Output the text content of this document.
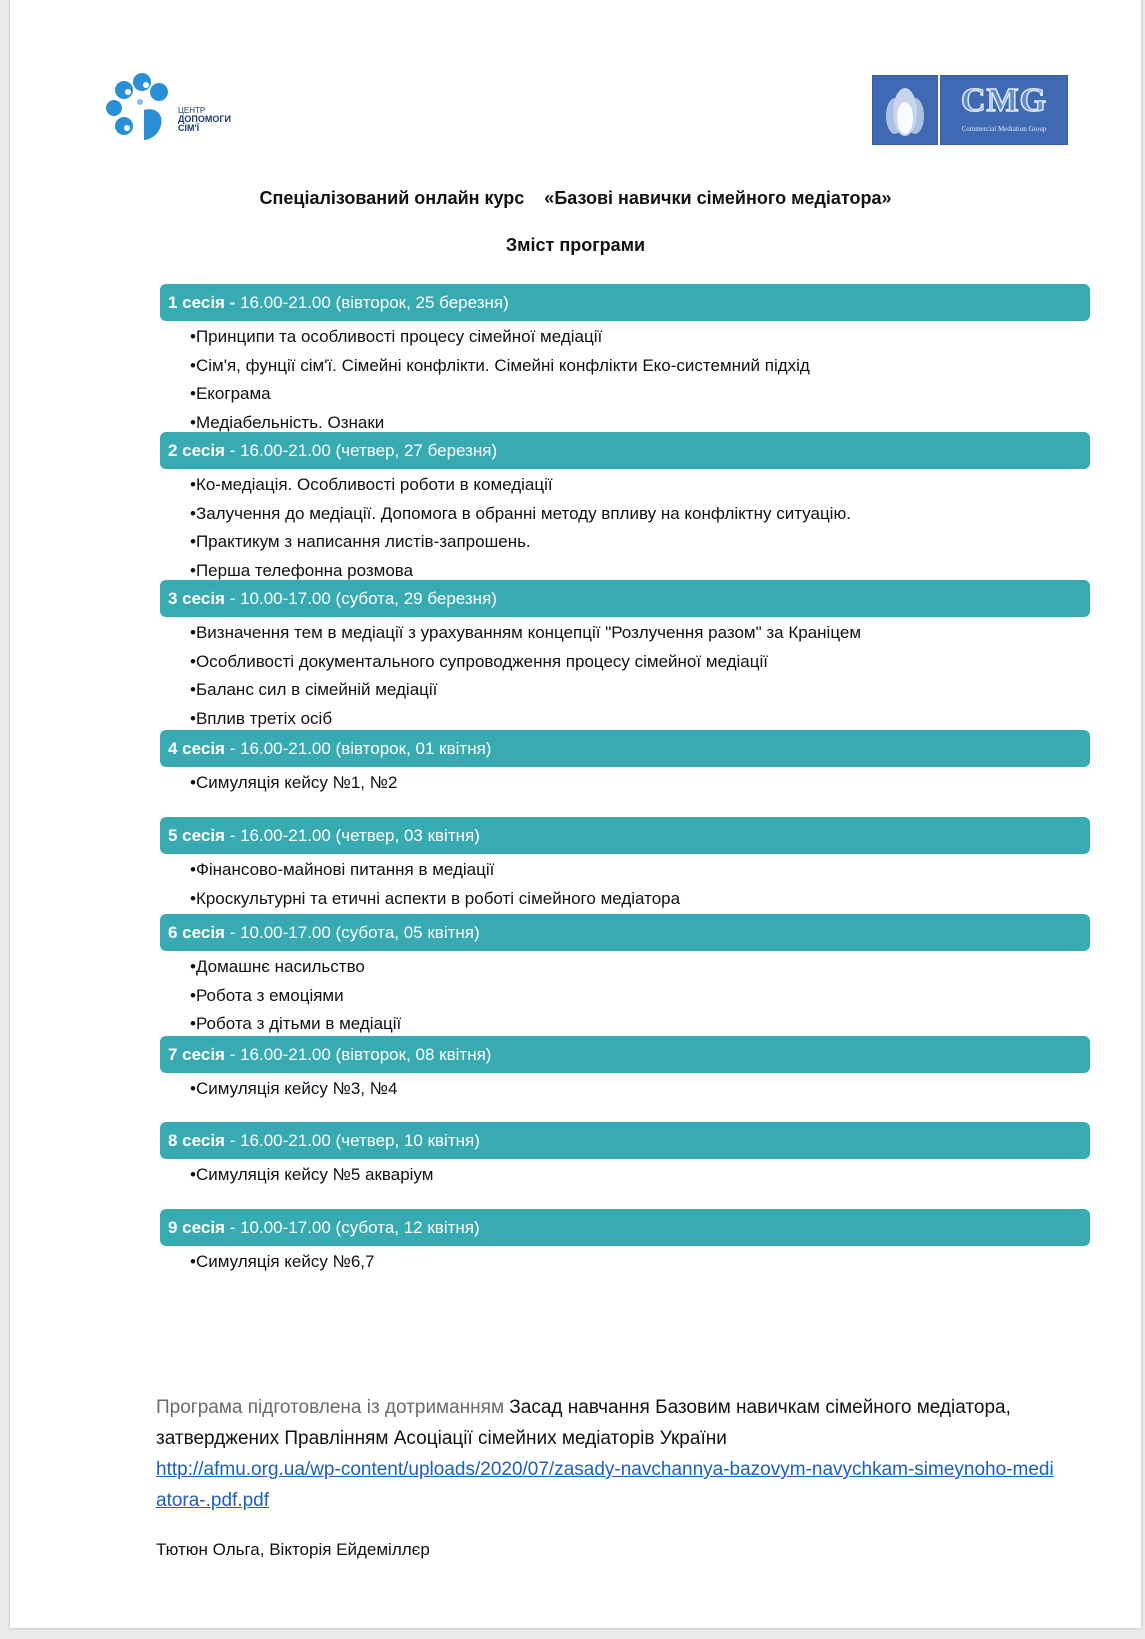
ЦЕНТР
ДОПОМОГИ
СІМ'Ї
CMG
Commercial Mediation Group
Спеціалізований онлайн курс    «Базові навички сімейного медіатора»
Зміст програми
1 сесія - 16.00-21.00 (вівторок, 25 березня)
•Принципи та особливості процесу сімейної медіації
•Сім'я, фунції сім'ї. Сімейні конфлікти. Сімейні конфлікти Еко-системний підхід
•Екограма
•Медіабельність. Ознаки
2 сесія - 16.00-21.00 (четвер, 27 березня)
•Ко-медіація. Особливості роботи в комедіації
•Залучення до медіації. Допомога в обранні методу впливу на конфліктну ситуацію.
•Практикум з написання листів-запрошень.
•Перша телефонна розмова
3 сесія - 10.00-17.00 (субота, 29 березня)
•Визначення тем в медіації з урахуванням концепції "Розлучення разом" за Краніцем
•Особливості документального супроводження процесу сімейної медіації
•Баланс сил в сімейній медіації
•Вплив третіх осіб
4 сесія - 16.00-21.00 (вівторок, 01 квітня)
•Симуляція кейсу №1, №2
5 сесія - 16.00-21.00 (четвер, 03 квітня)
•Фінансово-майнові питання в медіації
•Кроскультурні та етичні аспекти в роботі сімейного медіатора
6 сесія - 10.00-17.00 (субота, 05 квітня)
•Домашнє насильство
•Робота з емоціями
•Робота з дітьми в медіації
7 сесія - 16.00-21.00 (вівторок, 08 квітня)
•Симуляція кейсу №3, №4
8 сесія - 16.00-21.00 (четвер, 10 квітня)
•Симуляція кейсу №5 акваріум
9 сесія - 10.00-17.00 (субота, 12 квітня)
•Симуляція кейсу №6,7
Програма підготовлена із дотриманням Засад навчання Базовим навичкам сімейного медіатора, затверджених Правлінням Асоціації сімейних медіаторів України
http://afmu.org.ua/wp-content/uploads/2020/07/zasady-navchannya-bazovym-navychkam-simeynoho-mediatora-.pdf.pdf
Тютюн Ольга, Вікторія Ейдеміллєр
